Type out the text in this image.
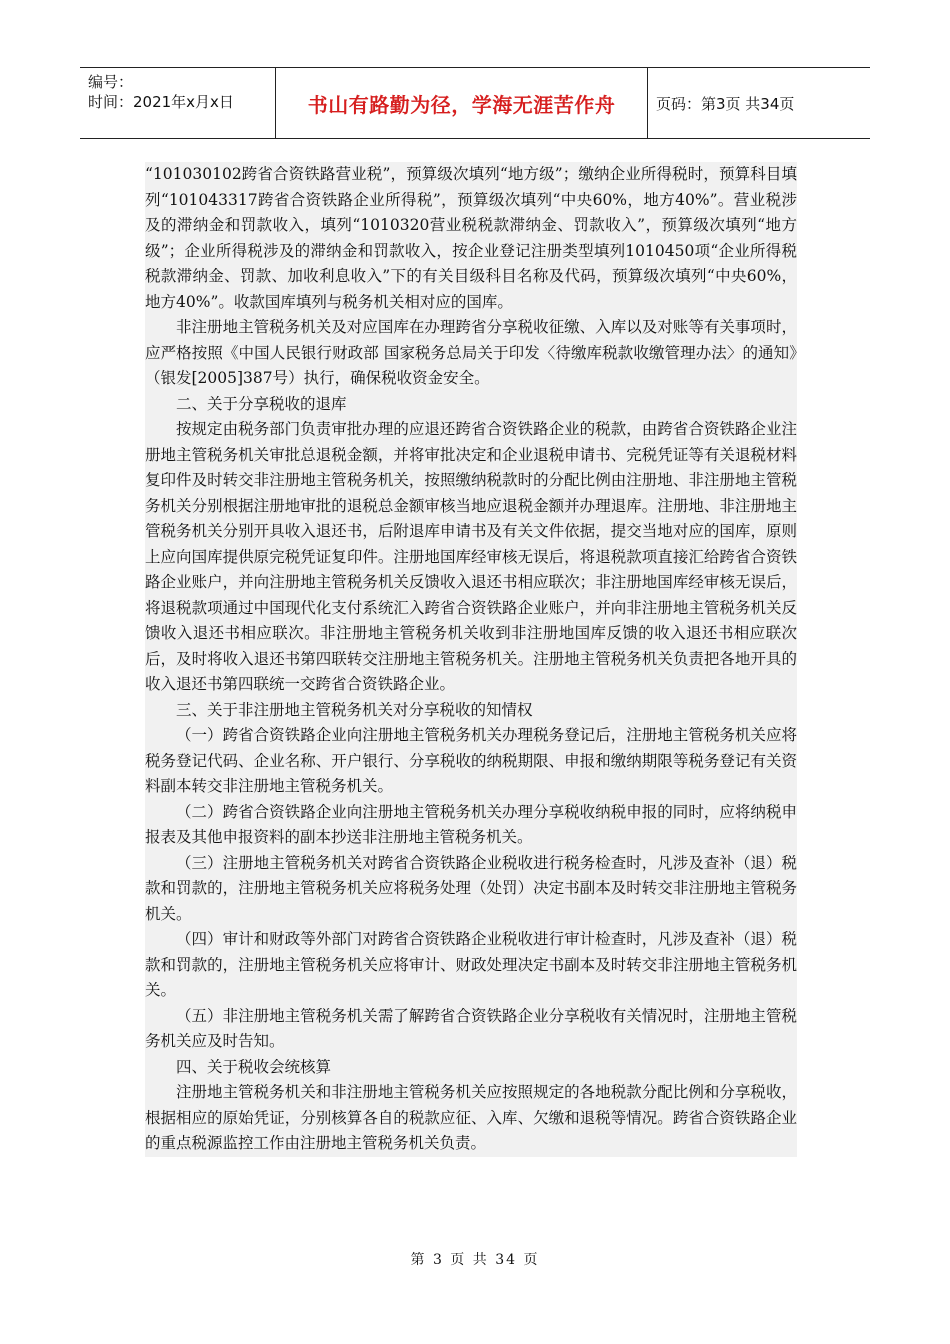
编号：
时间：2021年x月x日	书山有路勤为径，学海无涯苦作舟	页码：第3页 共34页

“101030102跨省合资铁路营业税”，预算级次填列“地方级”；缴纳企业所得税时，预算科目填列“101043317跨省合资铁路企业所得税”，预算级次填列“中央60%，地方40%”。营业税涉及的滞纳金和罚款收入，填列“1010320营业税税款滞纳金、罚款收入”，预算级次填列“地方级”；企业所得税涉及的滞纳金和罚款收入，按企业登记注册类型填列1010450项“企业所得税税款滞纳金、罚款、加收利息收入”下的有关目级科目名称及代码，预算级次填列“中央60%，地方40%”。收款国库填列与税务机关相对应的国库。

非注册地主管税务机关及对应国库在办理跨省分享税收征缴、入库以及对账等有关事项时，应严格按照《中国人民银行财政部 国家税务总局关于印发〈待缴库税款收缴管理办法〉的通知》（银发[2005]387号）执行，确保税收资金安全。

二、关于分享税收的退库

按规定由税务部门负责审批办理的应退还跨省合资铁路企业的税款，由跨省合资铁路企业注册地主管税务机关审批总退税金额，并将审批决定和企业退税申请书、完税凭证等有关退税材料复印件及时转交非注册地主管税务机关，按照缴纳税款时的分配比例由注册地、非注册地主管税务机关分别根据注册地审批的退税总金额审核当地应退税金额并办理退库。注册地、非注册地主管税务机关分别开具收入退还书，后附退库申请书及有关文件依据，提交当地对应的国库，原则上应向国库提供原完税凭证复印件。注册地国库经审核无误后，将退税款项直接汇给跨省合资铁路企业账户，并向注册地主管税务机关反馈收入退还书相应联次；非注册地国库经审核无误后，将退税款项通过中国现代化支付系统汇入跨省合资铁路企业账户，并向非注册地主管税务机关反馈收入退还书相应联次。非注册地主管税务机关收到非注册地国库反馈的收入退还书相应联次后，及时将收入退还书第四联转交注册地主管税务机关。注册地主管税务机关负责把各地开具的收入退还书第四联统一交跨省合资铁路企业。

三、关于非注册地主管税务机关对分享税收的知情权

（一）跨省合资铁路企业向注册地主管税务机关办理税务登记后，注册地主管税务机关应将税务登记代码、企业名称、开户银行、分享税收的纳税期限、申报和缴纳期限等税务登记有关资料副本转交非注册地主管税务机关。

（二）跨省合资铁路企业向注册地主管税务机关办理分享税收纳税申报的同时，应将纳税申报表及其他申报资料的副本抄送非注册地主管税务机关。

（三）注册地主管税务机关对跨省合资铁路企业税收进行税务检查时，凡涉及查补（退）税款和罚款的，注册地主管税务机关应将税务处理（处罚）决定书副本及时转交非注册地主管税务机关。

（四）审计和财政等外部门对跨省合资铁路企业税收进行审计检查时，凡涉及查补（退）税款和罚款的，注册地主管税务机关应将审计、财政处理决定书副本及时转交非注册地主管税务机关。

（五）非注册地主管税务机关需了解跨省合资铁路企业分享税收有关情况时，注册地主管税务机关应及时告知。

四、关于税收会统核算

注册地主管税务机关和非注册地主管税务机关应按照规定的各地税款分配比例和分享税收，根据相应的原始凭证，分别核算各自的税款应征、入库、欠缴和退税等情况。跨省合资铁路企业的重点税源监控工作由注册地主管税务机关负责。

第 3 页 共 34 页
